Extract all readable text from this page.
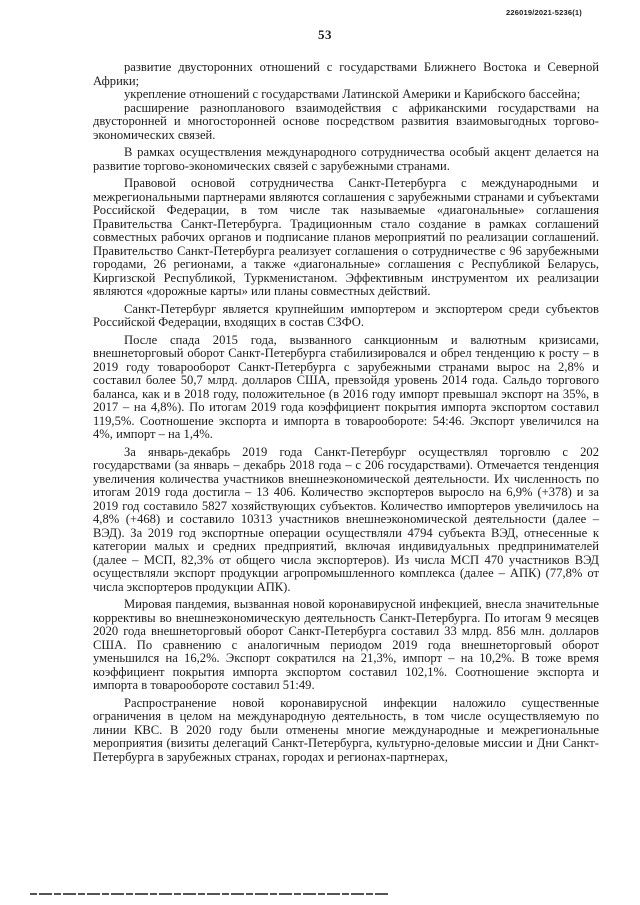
226019/2021-5236(1)
53

развитие двусторонних отношений с государствами Ближнего Востока и Северной Африки;

укрепление отношений с государствами Латинской Америки и Карибского бассейна;

расширение разнопланового взаимодействия с африканскими государствами на двусторонней и многосторонней основе посредством развития взаимовыгодных торгово-экономических связей.

В рамках осуществления международного сотрудничества особый акцент делается на развитие торгово-экономических связей с зарубежными странами.

Правовой основой сотрудничества Санкт-Петербурга с международными и межрегиональными партнерами являются соглашения с зарубежными странами и субъектами Российской Федерации, в том числе так называемые «диагональные» соглашения Правительства Санкт-Петербурга. Традиционным стало создание в рамках соглашений совместных рабочих органов и подписание планов мероприятий по реализации соглашений. Правительство Санкт-Петербурга реализует соглашения о сотрудничестве с 96 зарубежными городами, 26 регионами, а также «диагональные» соглашения с Республикой Беларусь, Киргизской Республикой, Туркменистаном. Эффективным инструментом их реализации являются «дорожные карты» или планы совместных действий.

Санкт-Петербург является крупнейшим импортером и экспортером среди субъектов Российской Федерации, входящих в состав СЗФО.

После спада 2015 года, вызванного санкционным и валютным кризисами, внешнеторговый оборот Санкт-Петербурга стабилизировался и обрел тенденцию к росту – в 2019 году товарооборот Санкт-Петербурга с зарубежными странами вырос на 2,8% и составил более 50,7 млрд. долларов США, превзойдя уровень 2014 года. Сальдо торгового баланса, как и в 2018 году, положительное (в 2016 году импорт превышал экспорт на 35%, в 2017 – на 4,8%). По итогам 2019 года коэффициент покрытия импорта экспортом составил 119,5%. Соотношение экспорта и импорта в товарообороте: 54:46. Экспорт увеличился на 4%, импорт – на 1,4%.

За январь-декабрь 2019 года Санкт-Петербург осуществлял торговлю с 202 государствами (за январь – декабрь 2018 года – с 206 государствами). Отмечается тенденция увеличения количества участников внешнеэкономической деятельности. Их численность по итогам 2019 года достигла – 13 406. Количество экспортеров выросло на 6,9% (+378) и за 2019 год составило 5827 хозяйствующих субъектов. Количество импортеров увеличилось на 4,8% (+468) и составило 10313 участников внешнеэкономической деятельности (далее – ВЭД). За 2019 год экспортные операции осуществляли 4794 субъекта ВЭД, отнесенные к категории малых и средних предприятий, включая индивидуальных предпринимателей (далее – МСП, 82,3% от общего числа экспортеров). Из числа МСП 470 участников ВЭД осуществляли экспорт продукции агропромышленного комплекса (далее – АПК) (77,8% от числа экспортеров продукции АПК).

Мировая пандемия, вызванная новой коронавирусной инфекцией, внесла значительные коррективы во внешнеэкономическую деятельность Санкт-Петербурга. По итогам 9 месяцев 2020 года внешнеторговый оборот Санкт-Петербурга составил 33 млрд. 856 млн. долларов США. По сравнению с аналогичным периодом 2019 года внешнеторговый оборот уменьшился на 16,2%. Экспорт сократился на 21,3%, импорт – на 10,2%. В тоже время коэффициент покрытия импорта экспортом составил 102,1%. Соотношение экспорта и импорта в товарообороте составил 51:49.

Распространение новой коронавирусной инфекции наложило существенные ограничения в целом на международную деятельность, в том числе осуществляемую по линии КВС. В 2020 году были отменены многие международные и межрегиональные мероприятия (визиты делегаций Санкт-Петербурга, культурно-деловые миссии и Дни Санкт-Петербурга в зарубежных странах, городах и регионах-партнерах,
